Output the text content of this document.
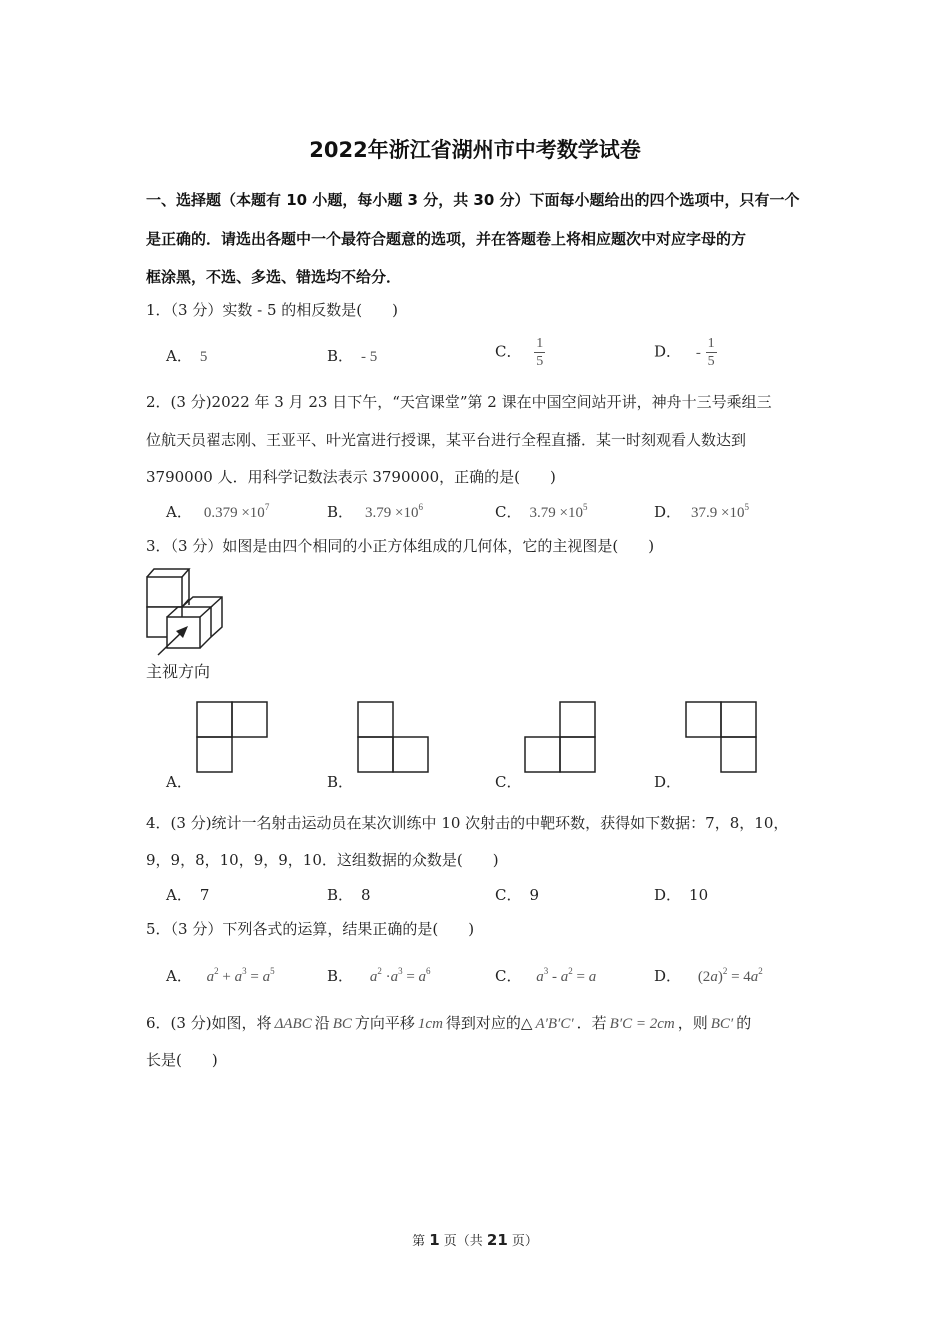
2022年浙江省湖州市中考数学试卷
一、选择题（本题有 10 小题，每小题 3 分，共 30 分）下面每小题给出的四个选项中，只有一个
是正确的．请选出各题中一个最符合题意的选项，并在答题卷上将相应题次中对应字母的方
框涂黑，不选、多选、错选均不给分．
1．（3 分）实数 - 5 的相反数是(　　)
A． 5	B． - 5	C． $\frac{1}{5}$	D． - $\frac{1}{5}$
2．(3 分)2022 年 3 月 23 日下午，“天宫课堂”第 2 课在中国空间站开讲，神舟十三号乘组三
位航天员翟志刚、王亚平、叶光富进行授课，某平台进行全程直播．某一时刻观看人数达到
3790000 人．用科学记数法表示 3790000，正确的是(　　)
A． $0.379 \times 10^7$	B． $3.79 \times 10^6$	C． $3.79 \times 10^5$	D． $37.9 \times 10^5$
3．（3 分）如图是由四个相同的小正方体组成的几何体，它的主视图是(　　)
主视方向
A．	B．	C．	D．
4．(3 分)统计一名射击运动员在某次训练中 10 次射击的中靶环数，获得如下数据：7，8，10，
9，9，8，10，9，9，10．这组数据的众数是(　　)
A． 7	B． 8	C． 9	D． 10
5．（3 分）下列各式的运算，结果正确的是(　　)
A． $a^2 + a^3 = a^5$	B． $a^2 \cdot a^3 = a^6$	C． $a^3 - a^2 = a$	D． $(2a)^2 = 4a^2$
6．(3 分)如图，将 ΔABC 沿 BC 方向平移 1cm 得到对应的△ A′B′C′ ．若 B′C = 2cm ，则 BC′ 的
长是(　　)
第 1 页（共 21 页）
